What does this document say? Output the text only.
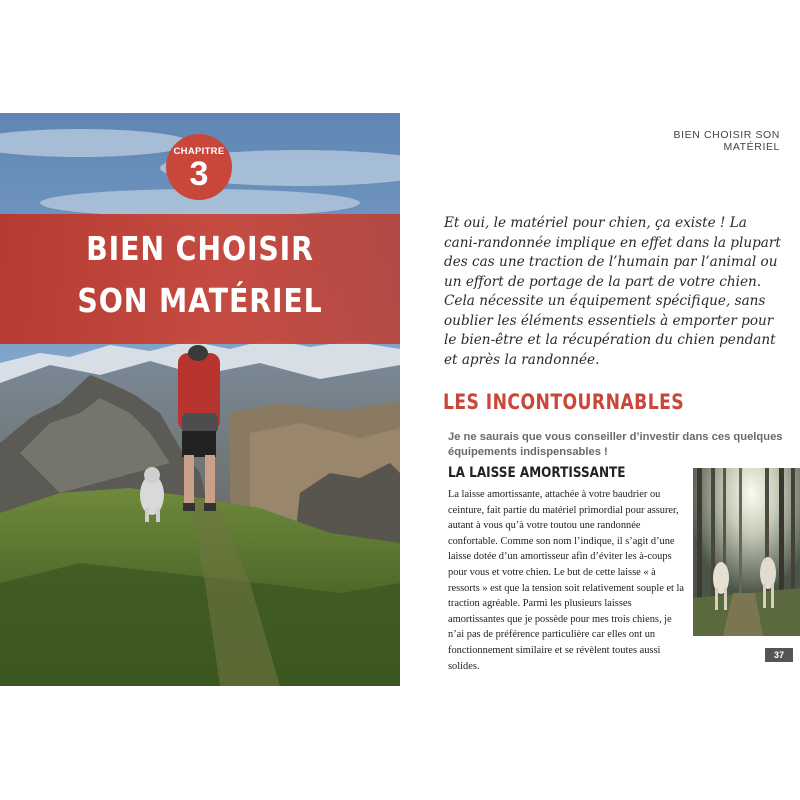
CHAPITRE
3
BIEN CHOISIR
SON MATÉRIEL
BIEN CHOISIR SON MATÉRIEL
Et oui, le matériel pour chien, ça existe ! La cani-randonnée implique en effet dans la plupart des cas une traction de l’humain par l’animal ou un effort de portage de la part de votre chien. Cela nécessite un équipement spécifique, sans oublier les éléments essentiels à emporter pour le bien-être et la récupération du chien pendant et après la randonnée.
LES INCONTOURNABLES
Je ne saurais que vous conseiller d’investir dans ces quelques équipements indispensables !
LA LAISSE AMORTISSANTE
La laisse amortissante, attachée à votre baudrier ou ceinture, fait partie du matériel primordial pour assurer, autant à vous qu’à votre toutou une randonnée confortable. Comme son nom l’indique, il s’agit d’une laisse dotée d’un amortisseur afin d’éviter les à-coups pour vous et votre chien. Le but de cette laisse « à ressorts » est que la tension soit relativement souple et la traction agréable. Parmi les plusieurs laisses amortissantes que je possède pour mes trois chiens, je n’ai pas de préférence particulière car elles ont un fonctionnement similaire et se révèlent toutes aussi solides.
37
